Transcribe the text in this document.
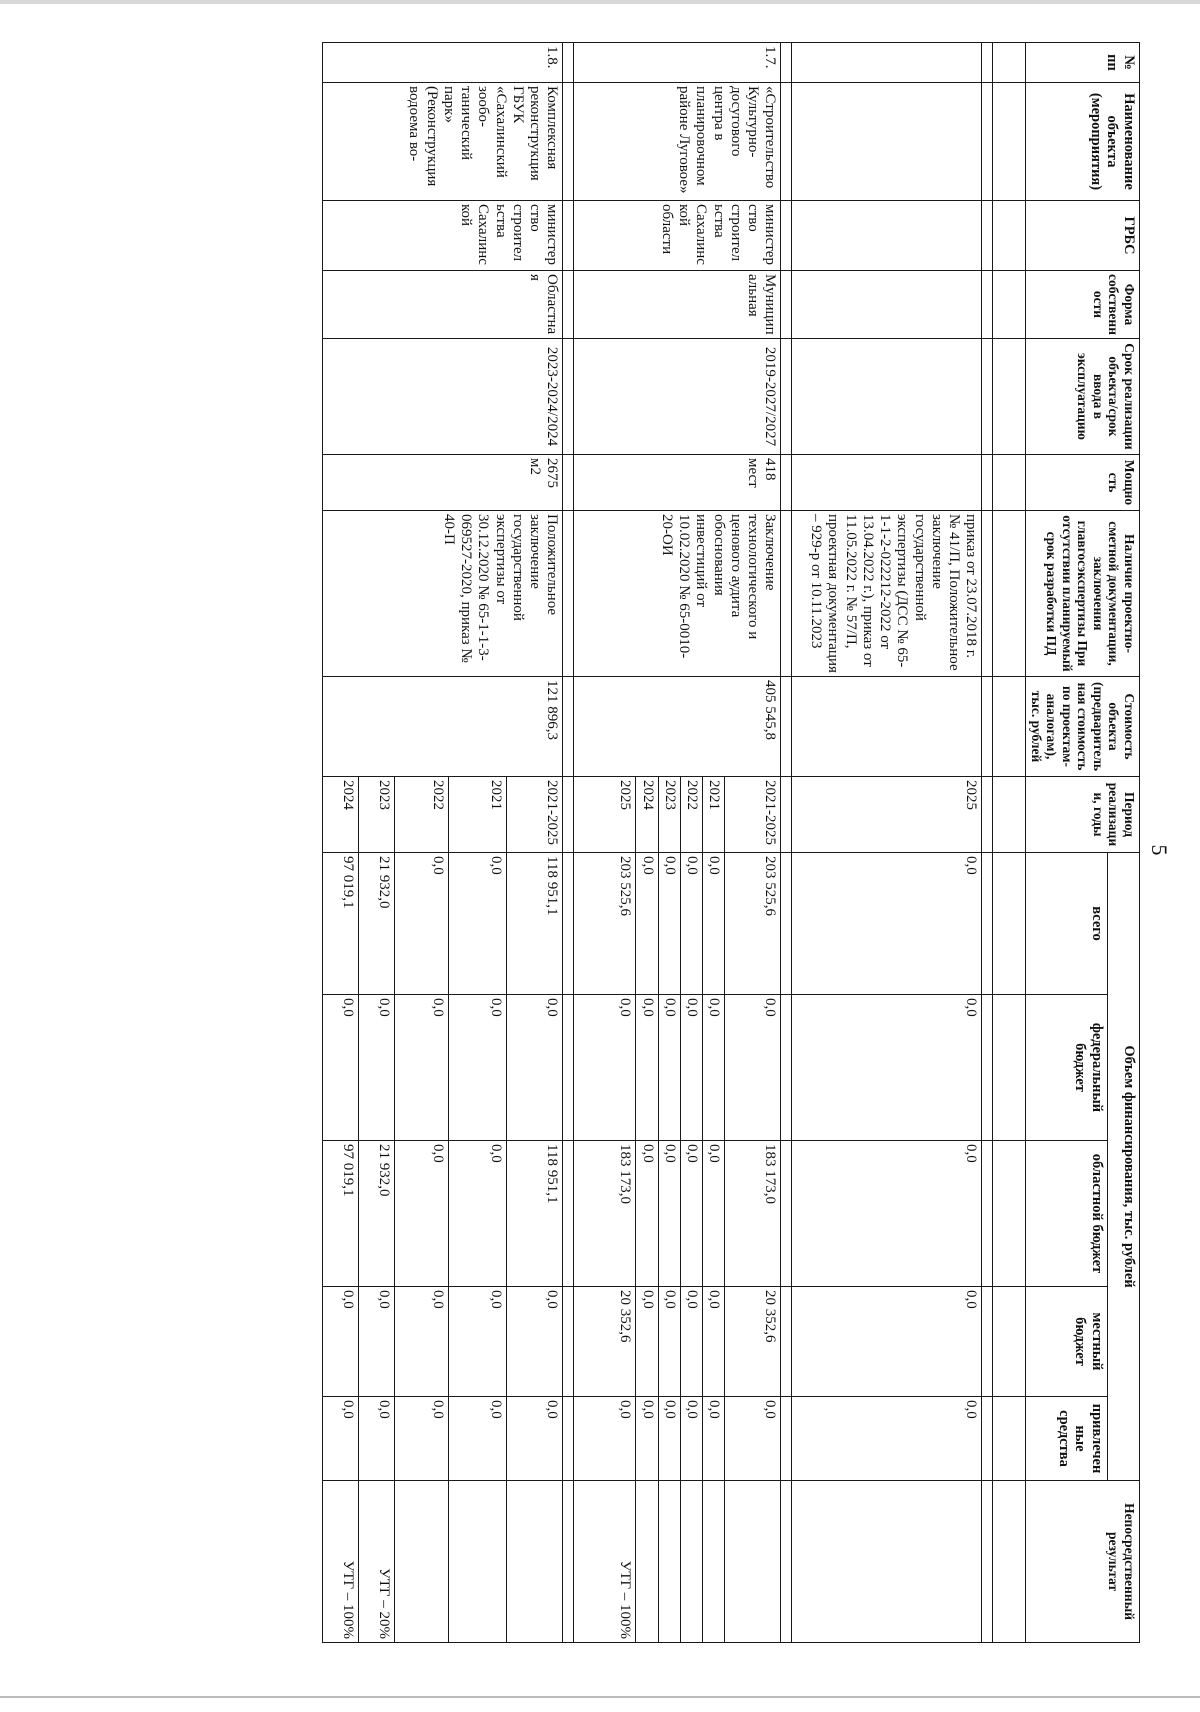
5
№ пп	Наименование объекта (мероприятия)	ГРБС	Форма собственности	Срок реализации объекта/срок ввода в эксплуатацию	Мощность	Наличие проектно-сметной документации, заключения главгосэкспертизы При отсутствии планируемый срок разработки ПД	Стоимость объекта (предварительная стоимость по проектам-аналогам), тыс. рублей	Период реализации, годы	Объем финансирования, тыс. рублей					Непосредственный результат
									всего	федеральный бюджет	областной бюджет	местный бюджет	привлеченные средства	

						приказ от 23.07.2018 г. № 41/П, Положительное заключение государственной экспертизы (ДСС № 65-1-1-2-022212-2022 от 13.04.2022 г.), приказ от 11.05.2022 г. № 57/П, проектная документация – 929-р от 10.11.2023		2025	0,0	0,0	0,0	0,0	0,0	

1.7.	«Строительство Культурно-досугового центра в планировочном районе Луговое»	министерство строительства Сахалинской области	Муниципальная	2019-2027/2027	418 мест	Заключение технологического и ценового аудита обоснования инвестиций от 10.02.2020 № 65-0010-20-ОИ	405 545,8	2021-2025	203 525,6	0,0	183 173,0	20 352,6	0,0	
								2021	0,0	0,0	0,0	0,0	0,0	
								2022	0,0	0,0	0,0	0,0	0,0	
								2023	0,0	0,0	0,0	0,0	0,0	
								2024	0,0	0,0	0,0	0,0	0,0	
								2025	203 525,6	0,0	183 173,0	20 352,6	0,0	УТГ – 100%

1.8.	Комплексная реконструкция ГБУК «Сахалинский зообо-танический парк» (Реконструкция водоема во-	министерство строительства Сахалинской	Областная	2023-2024/2024	2675 м2	Положительное заключение государственной экспертизы от 30.12.2020 № 65-1-1-3-069527-2020, приказ № 40-П	121 896,3	2021-2025	118 951,1	0,0	118 951,1	0,0	0,0	
								2021	0,0	0,0	0,0	0,0	0,0	
								2022	0,0	0,0	0,0	0,0	0,0	
								2023	21 932,0	0,0	21 932,0	0,0	0,0	УТГ – 20%
								2024	97 019,1	0,0	97 019,1	0,0	0,0	УТГ – 100%
